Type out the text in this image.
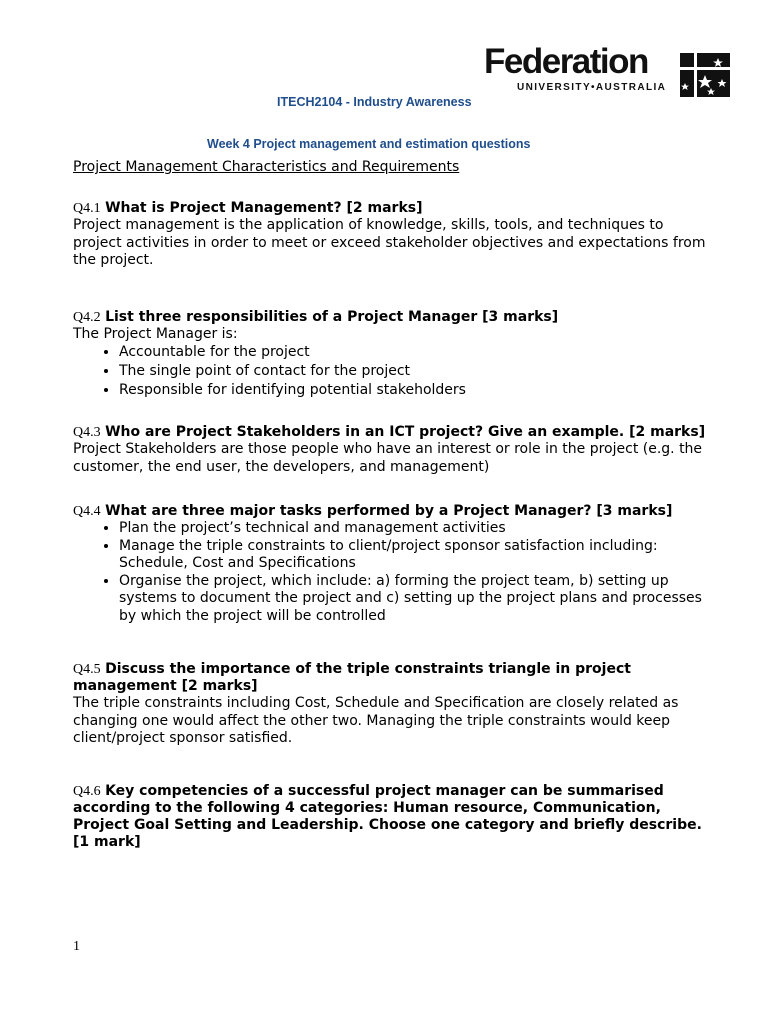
Federation
UNIVERSITY•AUSTRALIA
ITECH2104 - Industry Awareness
Week 4 Project management and estimation questions
Project Management Characteristics and Requirements

Q4.1 What is Project Management? [2 marks]

Project management is the application of knowledge, skills, tools, and techniques to project activities in order to meet or exceed stakeholder objectives and expectations from the project.

Q4.2 List three responsibilities of a Project Manager [3 marks]

The Project Manager is:

• Accountable for the project
• The single point of contact for the project
• Responsible for identifying potential stakeholders

Q4.3 Who are Project Stakeholders in an ICT project? Give an example. [2 marks]

Project Stakeholders are those people who have an interest or role in the project (e.g. the customer, the end user, the developers, and management)

Q4.4 What are three major tasks performed by a Project Manager? [3 marks]

• Plan the project’s technical and management activities
• Manage the triple constraints to client/project sponsor satisfaction including: Schedule, Cost and Specifications
• Organise the project, which include: a) forming the project team, b) setting up systems to document the project and c) setting up the project plans and processes by which the project will be controlled

Q4.5 Discuss the importance of the triple constraints triangle in project management [2 marks]

The triple constraints including Cost, Schedule and Specification are closely related as changing one would affect the other two. Managing the triple constraints would keep client/project sponsor satisfied.

Q4.6 Key competencies of a successful project manager can be summarised according to the following 4 categories: Human resource, Communication, Project Goal Setting and Leadership. Choose one category and briefly describe. [1 mark]

1
